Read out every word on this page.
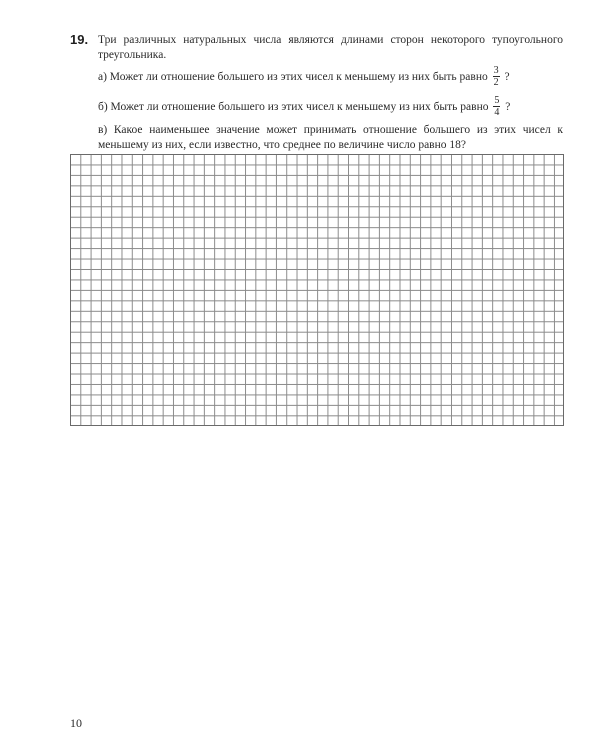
19. Три различных натуральных числа являются длинами сторон некоторого тупоугольного треугольника.
а) Может ли отношение большего из этих чисел к меньшему из них быть равно $\frac{3}{2}$ ?
б) Может ли отношение большего из этих чисел к меньшему из них быть равно $\frac{5}{4}$ ?
в) Какое наименьшее значение может принимать отношение большего из этих чисел к меньшему из них, если известно, что среднее по величине число равно 18?
10
